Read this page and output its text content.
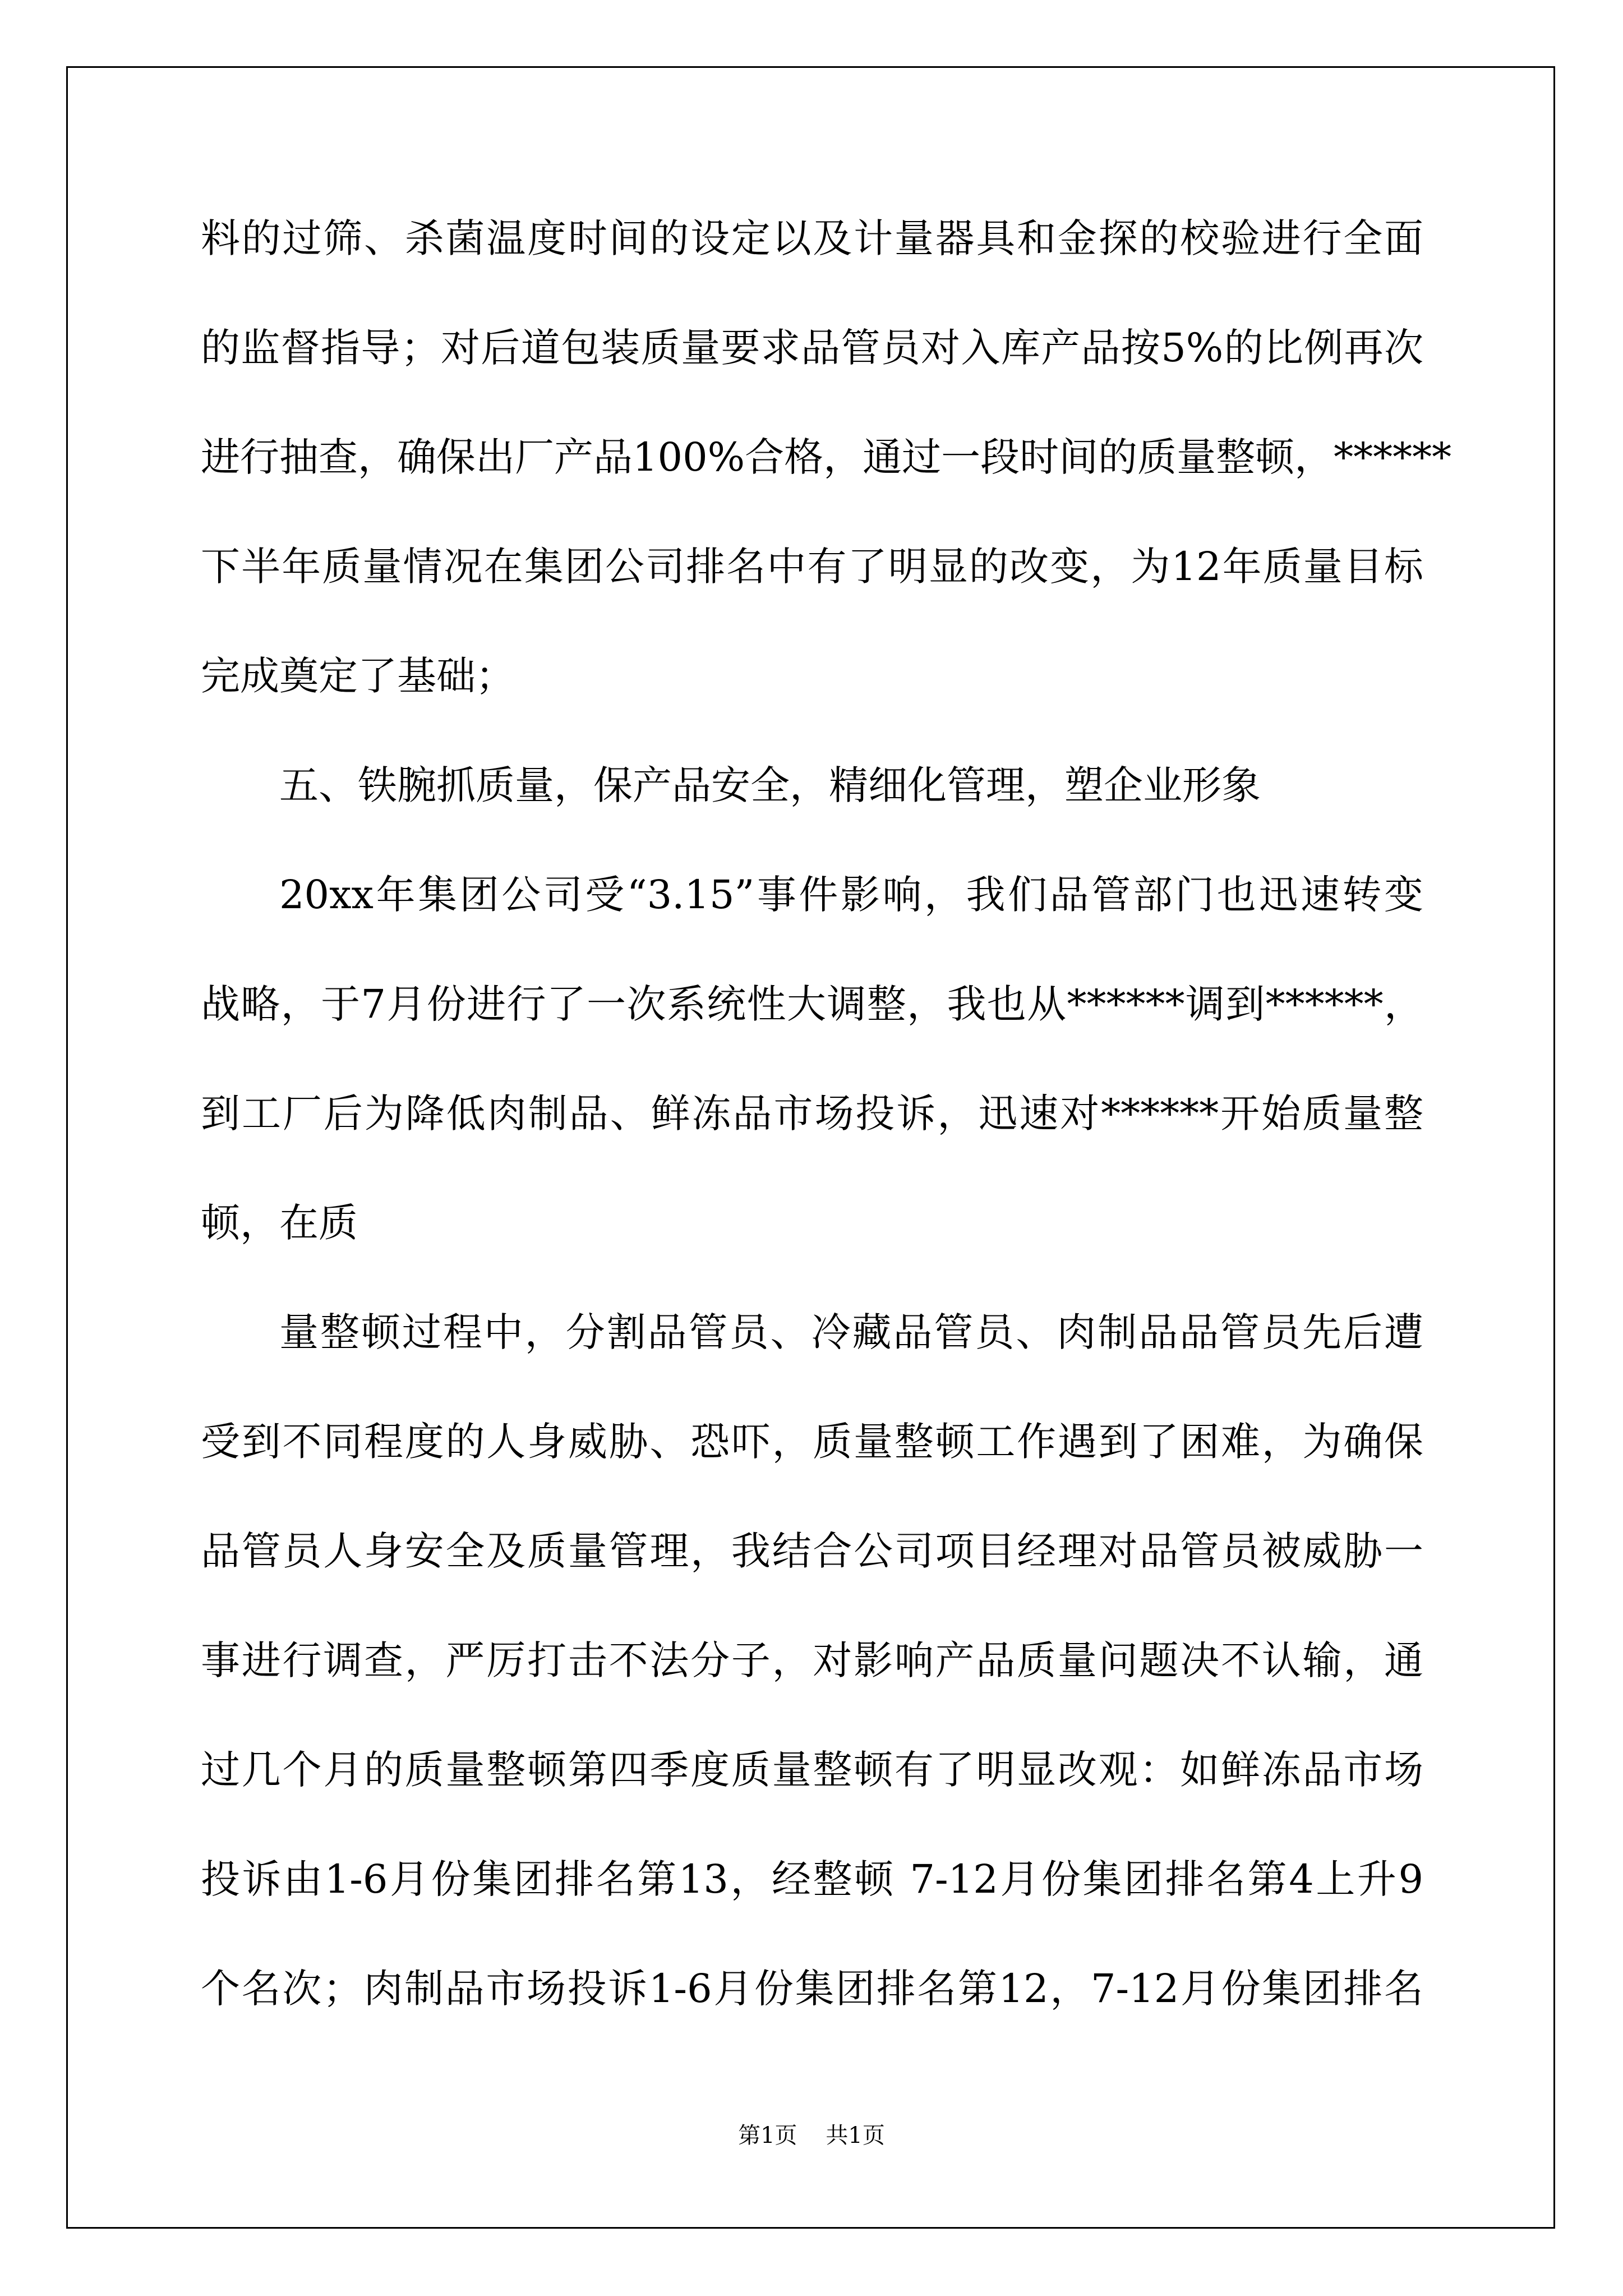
料的过筛、杀菌温度时间的设定以及计量器具和金探的校验进行全面
的监督指导；对后道包装质量要求品管员对入库产品按5%的比例再次
进行抽查，确保出厂产品100%合格，通过一段时间的质量整顿，******
下半年质量情况在集团公司排名中有了明显的改变，为12年质量目标
完成奠定了基础；
五、铁腕抓质量，保产品安全，精细化管理，塑企业形象
20xx年集团公司受“3.15”事件影响，我们品管部门也迅速转变
战略，于7月份进行了一次系统性大调整，我也从******调到******，
到工厂后为降低肉制品、鲜冻品市场投诉，迅速对******开始质量整
顿，在质
量整顿过程中，分割品管员、冷藏品管员、肉制品品管员先后遭
受到不同程度的人身威胁、恐吓，质量整顿工作遇到了困难，为确保
品管员人身安全及质量管理，我结合公司项目经理对品管员被威胁一
事进行调查，严厉打击不法分子，对影响产品质量问题决不认输，通
过几个月的质量整顿第四季度质量整顿有了明显改观：如鲜冻品市场
投诉由1-6月份集团排名第13，经整顿 7-12月份集团排名第4上升9
个名次；肉制品市场投诉1-6月份集团排名第12，7-12月份集团排名
第1页    共1页
